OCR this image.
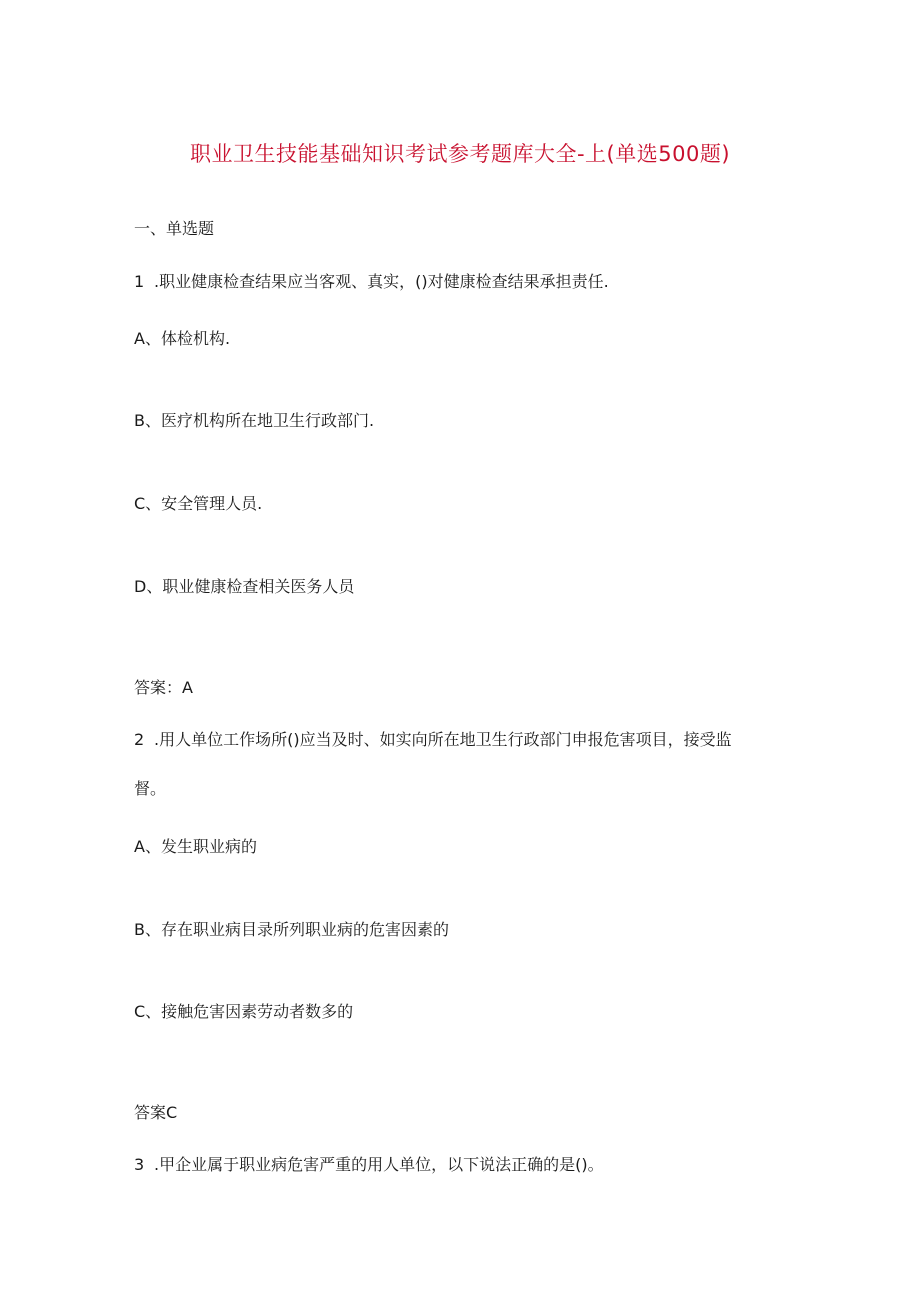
职业卫生技能基础知识考试参考题库大全-上(单选500题)
一、单选题
1 .职业健康检查结果应当客观、真实，()对健康检查结果承担责任.
A、体检机构.
B、医疗机构所在地卫生行政部门.
C、安全管理人员.
D、职业健康检查相关医务人员
答案：A
2 .用人单位工作场所()应当及时、如实向所在地卫生行政部门申报危害项目，接受监
督。
A、发生职业病的
B、存在职业病目录所列职业病的危害因素的
C、接触危害因素劳动者数多的
答案C
3 .甲企业属于职业病危害严重的用人单位，以下说法正确的是()。
